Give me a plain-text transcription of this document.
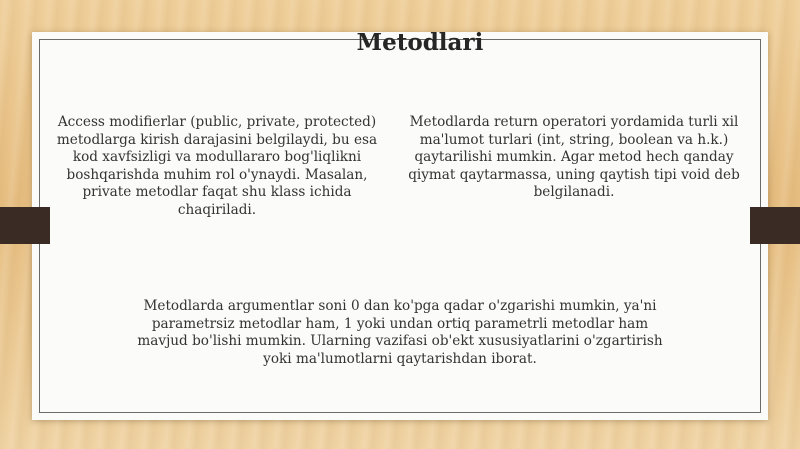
Metodlari

Access modifierlar (public, private, protected) metodlarga kirish darajasini belgilaydi, bu esa kod xavfsizligi va modullararo bog'liqlikni boshqarishda muhim rol o'ynaydi. Masalan, private metodlar faqat shu klass ichida chaqiriladi.

Metodlarda return operatori yordamida turli xil ma'lumot turlari (int, string, boolean va h.k.) qaytarilishi mumkin. Agar metod hech qanday qiymat qaytarmassa, uning qaytish tipi void deb belgilanadi.

Metodlarda argumentlar soni 0 dan ko'pga qadar o'zgarishi mumkin, ya'ni parametrsiz metodlar ham, 1 yoki undan ortiq parametrli metodlar ham mavjud bo'lishi mumkin. Ularning vazifasi ob'ekt xususiyatlarini o'zgartirish yoki ma'lumotlarni qaytarishdan iborat.
